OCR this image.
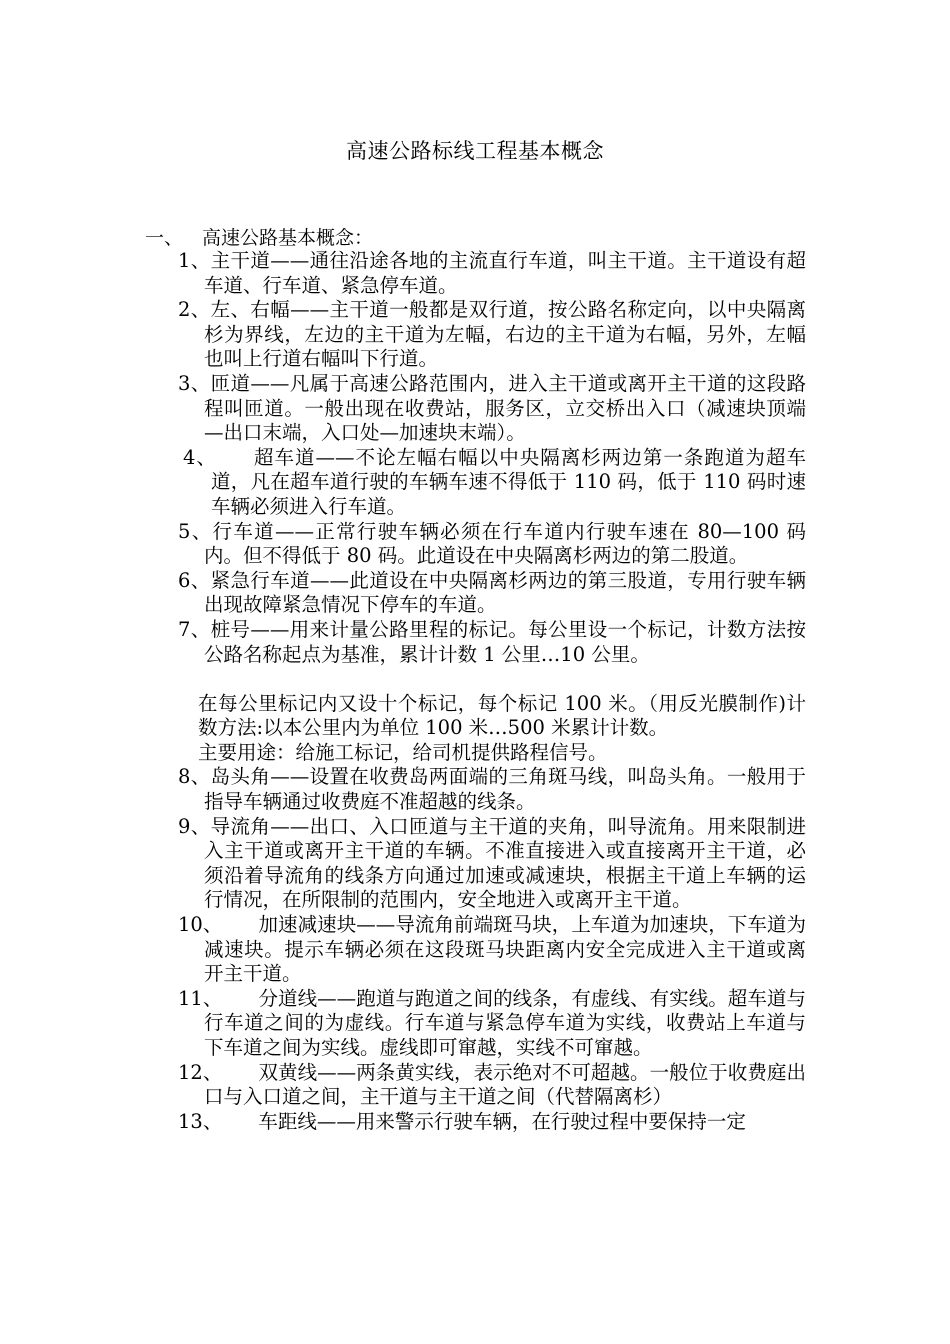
高速公路标线工程基本概念
一、 高速公路基本概念：

1、主干道——通往沿途各地的主流直行车道，叫主干道。主干道设有超车道、行车道、紧急停车道。

2、左、右幅——主干道一般都是双行道，按公路名称定向，以中央隔离杉为界线，左边的主干道为左幅，右边的主干道为右幅，另外，左幅也叫上行道右幅叫下行道。

3、匝道——凡属于高速公路范围内，进入主干道或离开主干道的这段路程叫匝道。一般出现在收费站，服务区，立交桥出入口（减速块顶端—出口末端，入口处—加速块末端）。

4、 超车道——不论左幅右幅以中央隔离杉两边第一条跑道为超车道，凡在超车道行驶的车辆车速不得低于 110 码，低于 110 码时速车辆必须进入行车道。

5、行车道——正常行驶车辆必须在行车道内行驶车速在 80—100 码内。但不得低于 80 码。此道设在中央隔离杉两边的第二股道。

6、紧急行车道——此道设在中央隔离杉两边的第三股道，专用行驶车辆出现故障紧急情况下停车的车道。

7、桩号——用来计量公路里程的标记。每公里设一个标记，计数方法按公路名称起点为基准，累计计数 1 公里…10 公里。

在每公里标记内又设十个标记，每个标记 100 米。（用反光膜制作)计数方法:以本公里内为单位 100 米…500 米累计计数。

主要用途：给施工标记，给司机提供路程信号。

8、岛头角——设置在收费岛两面端的三角斑马线，叫岛头角。一般用于指导车辆通过收费庭不准超越的线条。

9、导流角——出口、入口匝道与主干道的夹角，叫导流角。用来限制进入主干道或离开主干道的车辆。不准直接进入或直接离开主干道，必须沿着导流角的线条方向通过加速或减速块，根据主干道上车辆的运行情况，在所限制的范围内，安全地进入或离开主干道。

10、 加速减速块——导流角前端斑马块，上车道为加速块，下车道为减速块。提示车辆必须在这段斑马块距离内安全完成进入主干道或离开主干道。

11、 分道线——跑道与跑道之间的线条，有虚线、有实线。超车道与行车道之间的为虚线。行车道与紧急停车道为实线，收费站上车道与下车道之间为实线。虚线即可窜越，实线不可窜越。

12、 双黄线——两条黄实线，表示绝对不可超越。一般位于收费庭出口与入口道之间，主干道与主干道之间（代替隔离杉）

13、 车距线——用来警示行驶车辆，在行驶过程中要保持一定
